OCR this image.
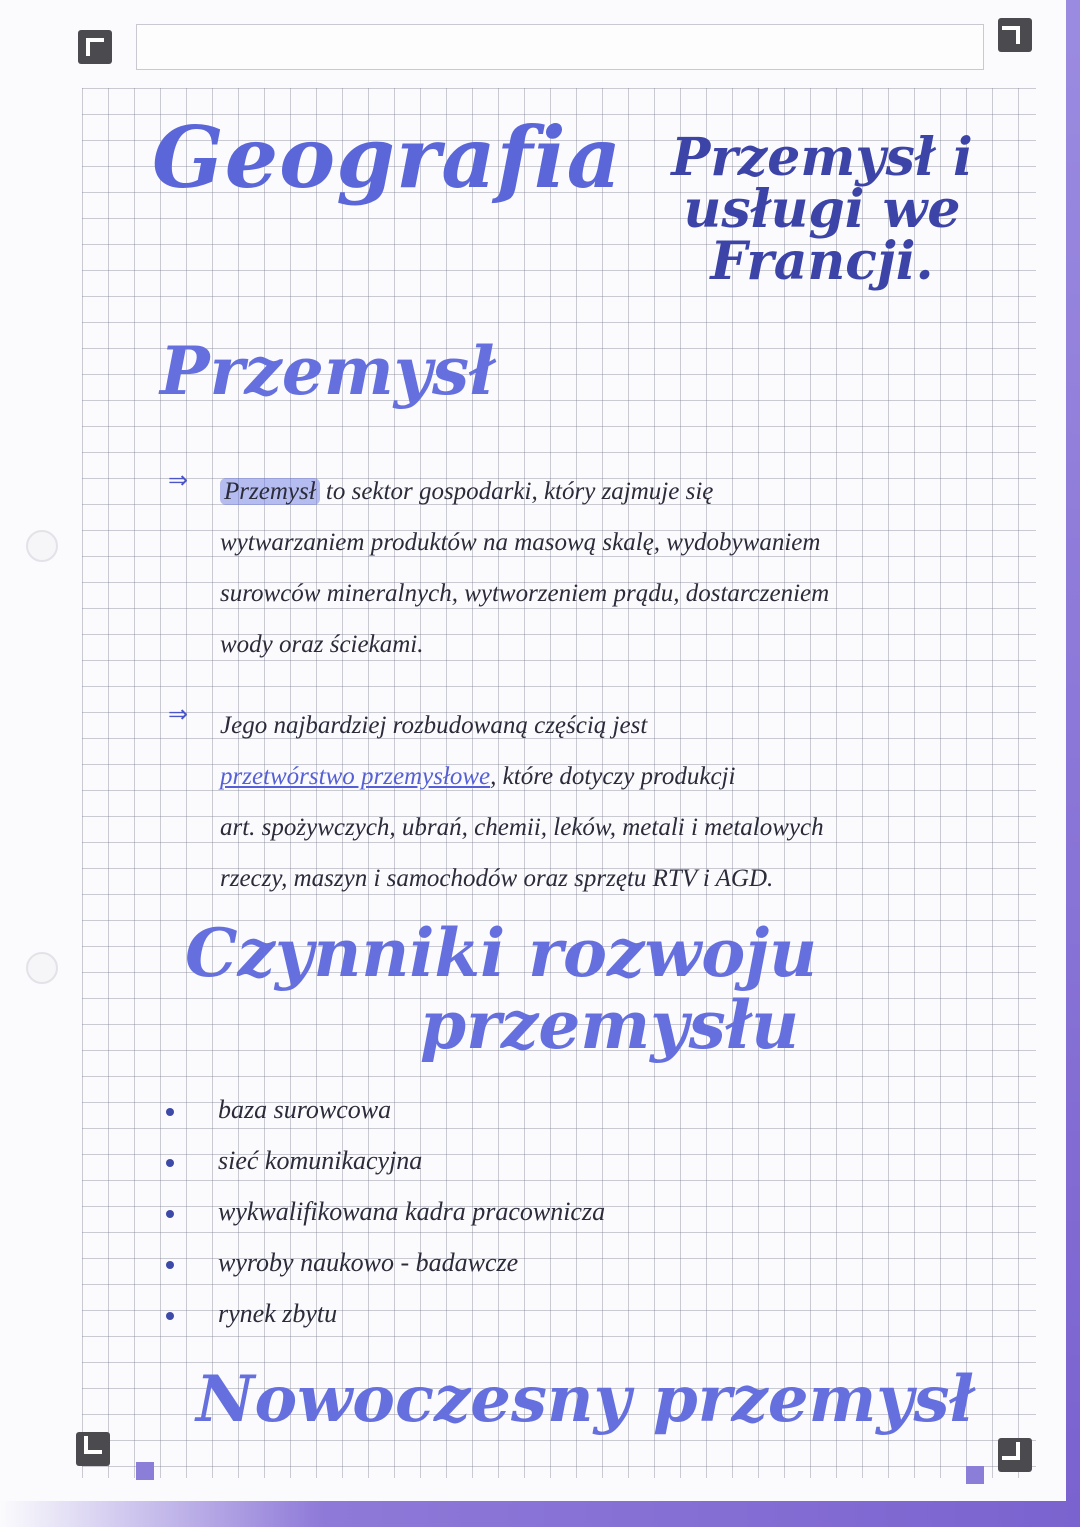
Geografia Przemysł i usługi we Francji.
Przemysł
⇒ Przemysł to sektor gospodarki, który zajmuje się
wytwarzaniem produktów na masową skalę, wydobywaniem
surowców mineralnych, wytworzeniem prądu, dostarczeniem
wody oraz ściekami.
⇒ Jego najbardziej rozbudowaną częścią jest
przetwórstwo przemysłowe, które dotyczy produkcji
art. spożywczych, ubrań, chemii, leków, metali i metalowych
rzeczy, maszyn i samochodów oraz sprzętu RTV i AGD.
Czynniki rozwoju
przemysłu
baza surowcowa
sieć komunikacyjna
wykwalifikowana kadra pracownicza
wyroby naukowo - badawcze
rynek zbytu
Nowoczesny przemysł
